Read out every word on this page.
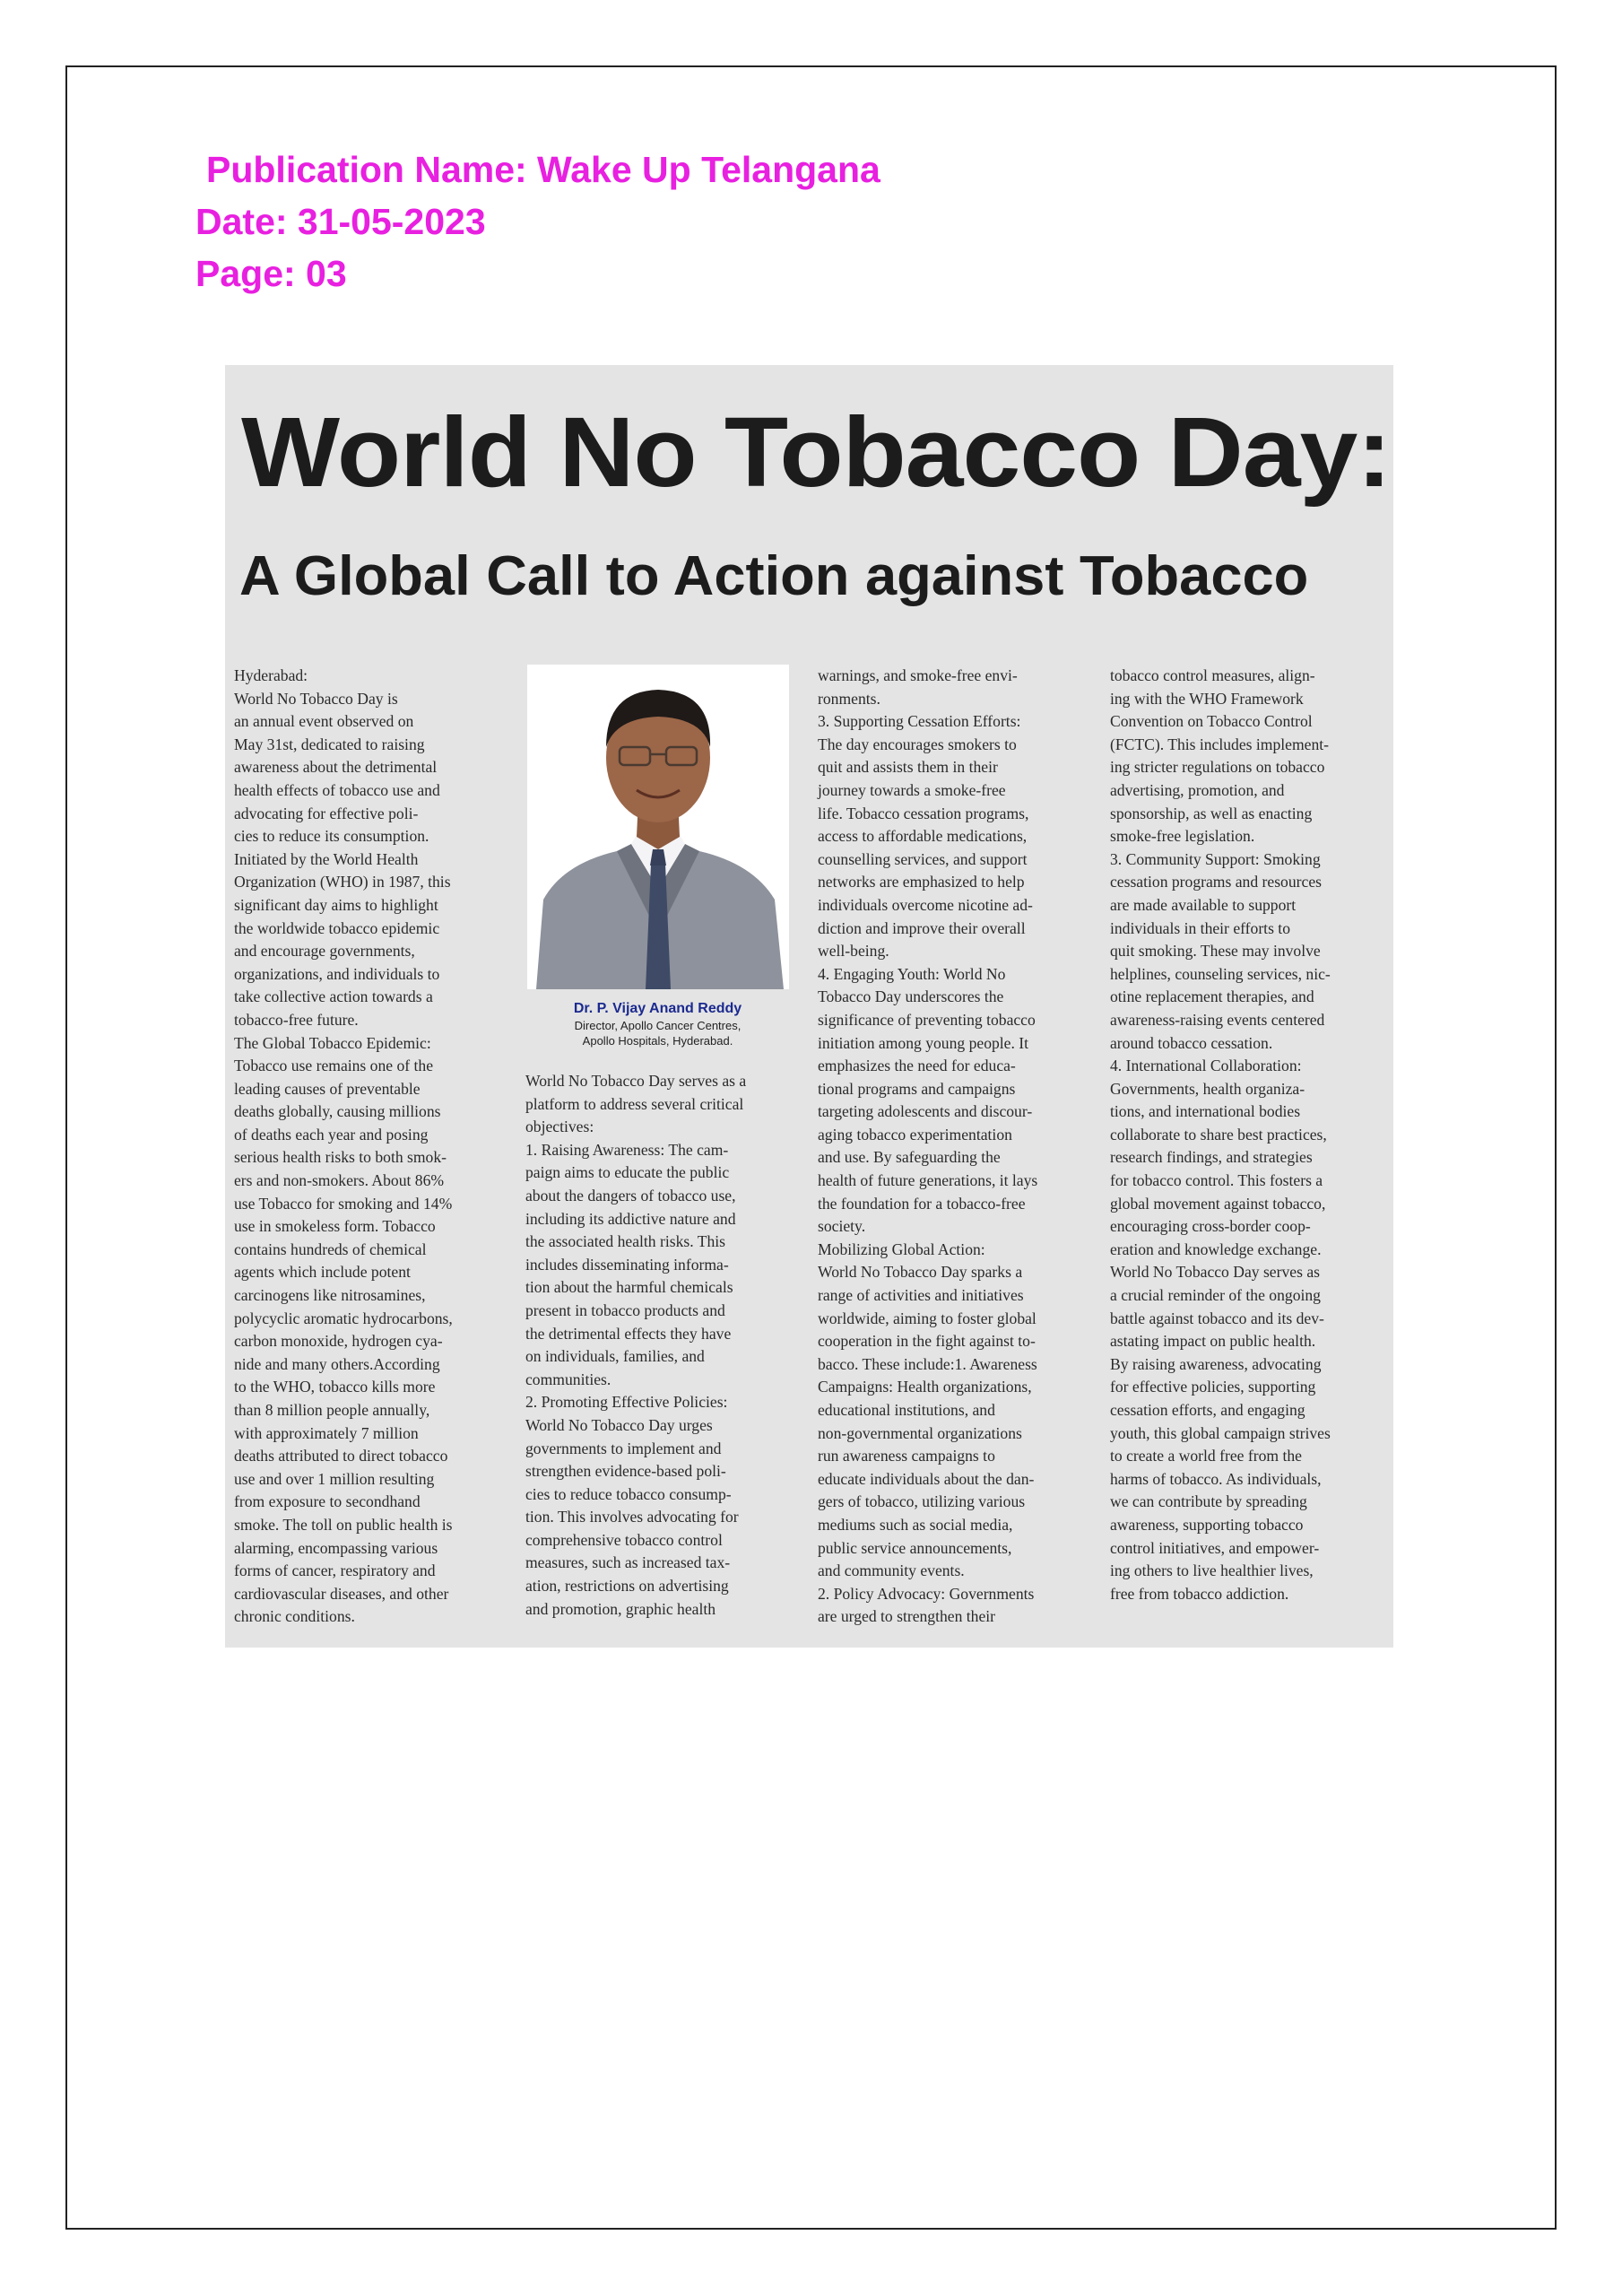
Publication Name: Wake Up Telangana
Date: 31-05-2023
Page: 03
World No Tobacco Day:
A Global Call to Action against Tobacco

Hyderabad:

World No Tobacco Day is

an annual event observed on

May 31st, dedicated to raising

awareness about the detrimental

health effects of tobacco use and

advocating for effective poli-

cies to reduce its consumption.

Initiated by the World Health

Organization (WHO) in 1987, this

significant day aims to highlight

the worldwide tobacco epidemic

and encourage governments,

organizations, and individuals to

take collective action towards a

tobacco-free future.

The Global Tobacco Epidemic:

Tobacco use remains one of the

leading causes of preventable

deaths globally, causing millions

of deaths each year and posing

serious health risks to both smok-

ers and non-smokers. About 86%

use Tobacco for smoking and 14%

use in smokeless form. Tobacco

contains hundreds of chemical

agents which include potent

carcinogens like nitrosamines,

polycyclic aromatic hydrocarbons,

carbon monoxide, hydrogen cya-

nide and many others.According

to the WHO, tobacco kills more

than 8 million people annually,

with approximately 7 million

deaths attributed to direct tobacco

use and over 1 million resulting

from exposure to secondhand

smoke. The toll on public health is

alarming, encompassing various

forms of cancer, respiratory and

cardiovascular diseases, and other

chronic conditions.

Dr. P. Vijay Anand Reddy
Director, Apollo Cancer Centres,
Apollo Hospitals, Hyderabad.

World No Tobacco Day serves as a

platform to address several critical

objectives:

1. Raising Awareness: The cam-

paign aims to educate the public

about the dangers of tobacco use,

including its addictive nature and

the associated health risks. This

includes disseminating informa-

tion about the harmful chemicals

present in tobacco products and

the detrimental effects they have

on individuals, families, and

communities.

2. Promoting Effective Policies:

World No Tobacco Day urges

governments to implement and

strengthen evidence-based poli-

cies to reduce tobacco consump-

tion. This involves advocating for

comprehensive tobacco control

measures, such as increased tax-

ation, restrictions on advertising

and promotion, graphic health

warnings, and smoke-free envi-

ronments.

3. Supporting Cessation Efforts:

The day encourages smokers to

quit and assists them in their

journey towards a smoke-free

life. Tobacco cessation programs,

access to affordable medications,

counselling services, and support

networks are emphasized to help

individuals overcome nicotine ad-

diction and improve their overall

well-being.

4. Engaging Youth: World No

Tobacco Day underscores the

significance of preventing tobacco

initiation among young people. It

emphasizes the need for educa-

tional programs and campaigns

targeting adolescents and discour-

aging tobacco experimentation

and use. By safeguarding the

health of future generations, it lays

the foundation for a tobacco-free

society.

Mobilizing Global Action:

World No Tobacco Day sparks a

range of activities and initiatives

worldwide, aiming to foster global

cooperation in the fight against to-

bacco. These include:1. Awareness

Campaigns: Health organizations,

educational institutions, and

non-governmental organizations

run awareness campaigns to

educate individuals about the dan-

gers of tobacco, utilizing various

mediums such as social media,

public service announcements,

and community events.

2. Policy Advocacy: Governments

are urged to strengthen their

tobacco control measures, align-

ing with the WHO Framework

Convention on Tobacco Control

(FCTC). This includes implement-

ing stricter regulations on tobacco

advertising, promotion, and

sponsorship, as well as enacting

smoke-free legislation.

3. Community Support: Smoking

cessation programs and resources

are made available to support

individuals in their efforts to

quit smoking. These may involve

helplines, counseling services, nic-

otine replacement therapies, and

awareness-raising events centered

around tobacco cessation.

4. International Collaboration:

Governments, health organiza-

tions, and international bodies

collaborate to share best practices,

research findings, and strategies

for tobacco control. This fosters a

global movement against tobacco,

encouraging cross-border coop-

eration and knowledge exchange.

World No Tobacco Day serves as

a crucial reminder of the ongoing

battle against tobacco and its dev-

astating impact on public health.

By raising awareness, advocating

for effective policies, supporting

cessation efforts, and engaging

youth, this global campaign strives

to create a world free from the

harms of tobacco. As individuals,

we can contribute by spreading

awareness, supporting tobacco

control initiatives, and empower-

ing others to live healthier lives,

free from tobacco addiction.
